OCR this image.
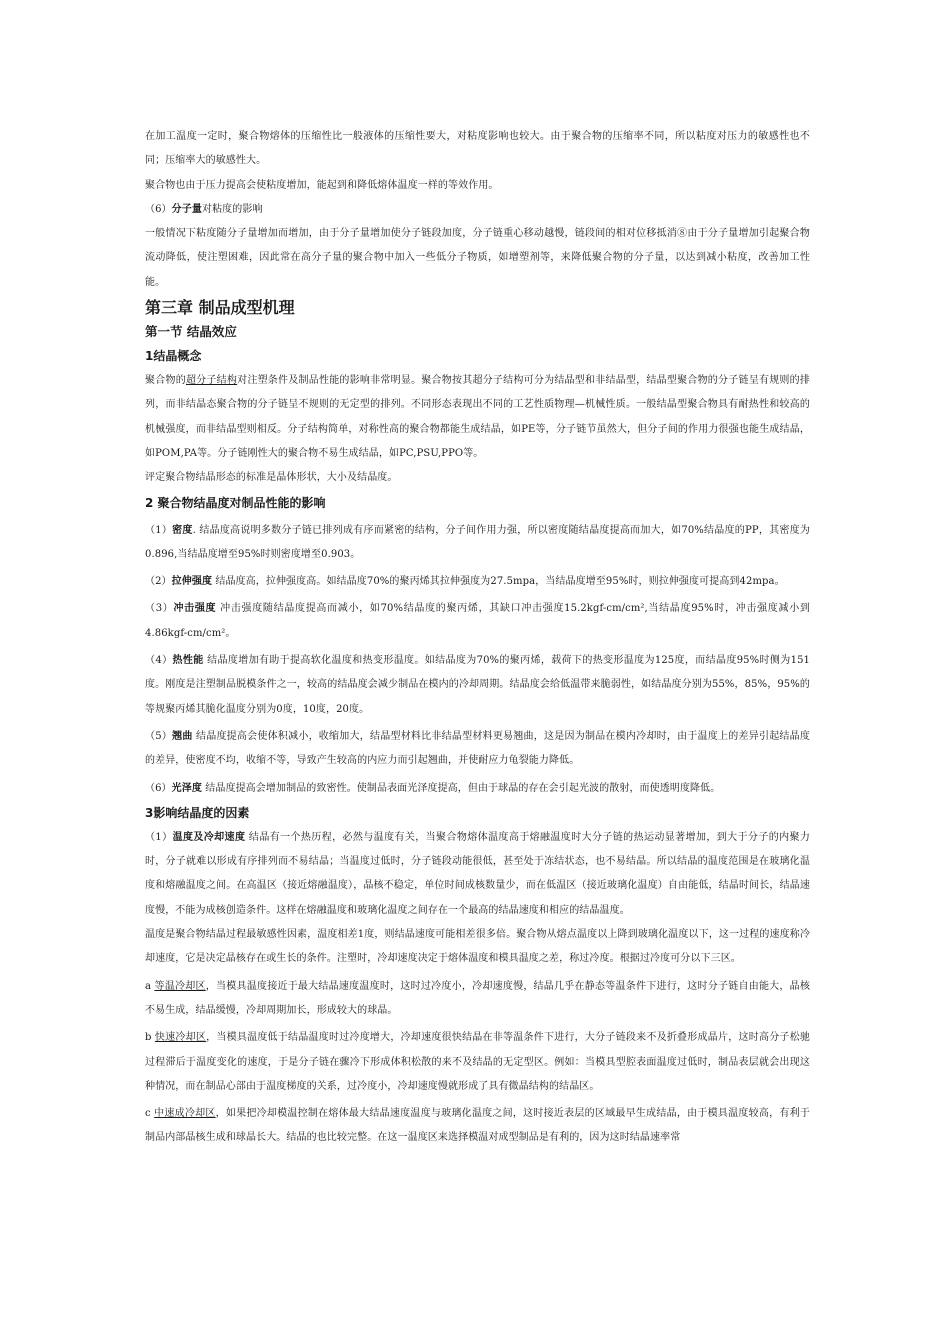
在加工温度一定时，聚合物熔体的压缩性比一般液体的压缩性要大，对粘度影响也较大。由于聚合物的压缩率不同，所以粘度对压力的敏感性也不同；压缩率大的敏感性大。

聚合物也由于压力提高会使粘度增加，能起到和降低熔体温度一样的等效作用。

（6）分子量对粘度的影响

一般情况下粘度随分子量增加而增加，由于分子量增加使分子链段加度，分子链重心移动越慢，链段间的相对位移抵消⑧由于分子量增加引起聚合物流动降低，使注塑困难，因此常在高分子量的聚合物中加入一些低分子物质，如增塑剂等，来降低聚合物的分子量，以达到减小粘度，改善加工性能。

第三章 制品成型机理

第一节 结晶效应

1结晶概念

聚合物的超分子结构对注塑条件及制品性能的影响非常明显。聚合物按其超分子结构可分为结晶型和非结晶型，结晶型聚合物的分子链呈有规则的排列，而非结晶态聚合物的分子链呈不规则的无定型的排列。不同形态表现出不同的工艺性质物理—机械性质。一般结晶型聚合物具有耐热性和较高的机械强度，而非结晶型则相反。分子结构简单，对称性高的聚合物都能生成结晶，如PE等，分子链节虽然大，但分子间的作用力很强也能生成结晶，如POM,PA等。分子链刚性大的聚合物不易生成结晶，如PC,PSU,PPO等。

评定聚合物结晶形态的标准是晶体形状，大小及结晶度。

2 聚合物结晶度对制品性能的影响

（1）密度. 结晶度高说明多数分子链已排列成有序而紧密的结构，分子间作用力强，所以密度随结晶度提高而加大，如70%结晶度的PP，其密度为0.896,当结晶度增至95%时则密度增至0.903。

（2）拉伸强度 结晶度高，拉伸强度高。如结晶度70%的聚丙烯其拉伸强度为27.5mpa，当结晶度增至95%时，则拉伸强度可提高到42mpa。

（3）冲击强度 冲击强度随结晶度提高而减小，如70%结晶度的聚丙烯，其缺口冲击强度15.2kgf-cm/cm²,当结晶度95%时，冲击强度减小到4.86kgf-cm/cm²。

（4）热性能 结晶度增加有助于提高软化温度和热变形温度。如结晶度为70%的聚丙烯，载荷下的热变形温度为125度，而结晶度95%时侧为151度。刚度是注塑制品脱模条件之一，较高的结晶度会减少制品在模内的冷却周期。结晶度会给低温带来脆弱性，如结晶度分别为55%，85%，95%的等规聚丙烯其脆化温度分别为0度，10度，20度。

（5）翘曲 结晶度提高会使体积减小，收缩加大，结晶型材料比非结晶型材料更易翘曲，这是因为制品在模内冷却时，由于温度上的差异引起结晶度的差异，使密度不均，收缩不等，导致产生较高的内应力而引起翘曲，并使耐应力龟裂能力降低。

（6）光泽度 结晶度提高会增加制品的致密性。使制品表面光泽度提高，但由于球晶的存在会引起光波的散射，而使透明度降低。

3影响结晶度的因素

（1）温度及冷却速度 结晶有一个热历程，必然与温度有关，当聚合物熔体温度高于熔融温度时大分子链的热运动显著增加，到大于分子的内聚力时，分子就难以形成有序排列而不易结晶；当温度过低时，分子链段动能很低，甚至处于冻结状态，也不易结晶。所以结晶的温度范围是在玻璃化温度和熔融温度之间。在高温区（接近熔融温度），晶核不稳定，单位时间成核数量少，而在低温区（接近玻璃化温度）自由能低，结晶时间长，结晶速度慢，不能为成核创造条件。这样在熔融温度和玻璃化温度之间存在一个最高的结晶速度和相应的结晶温度。

温度是聚合物结晶过程最敏感性因素，温度相差1度，则结晶速度可能相差很多倍。聚合物从熔点温度以上降到玻璃化温度以下，这一过程的速度称冷却速度，它是决定晶核存在或生长的条件。注塑时，冷却速度决定于熔体温度和模具温度之差，称过冷度。根据过冷度可分以下三区。

a 等温冷却区，当模具温度接近于最大结晶速度温度时，这时过冷度小，冷却速度慢，结晶几乎在静态等温条件下进行，这时分子链自由能大，晶核不易生成，结晶缓慢，冷却周期加长，形成较大的球晶。

b 快速冷却区，当模具温度低于结晶温度时过冷度增大，冷却速度很快结晶在非等温条件下进行，大分子链段来不及折叠形成晶片，这时高分子松驰过程滞后于温度变化的速度，于是分子链在骤冷下形成体积松散的来不及结晶的无定型区。例如：当模具型腔表面温度过低时，制品表层就会出现这种情况，而在制品心部由于温度梯度的关系，过冷度小，冷却速度慢就形成了具有微晶结构的结晶区。

c 中速成冷却区，如果把冷却模温控制在熔体最大结晶速度温度与玻璃化温度之间，这时接近表层的区域最早生成结晶，由于模具温度较高，有利于制品内部晶核生成和球晶长大。结晶的也比较完整。在这一温度区来选择模温对成型制品是有利的，因为这时结晶速率常
